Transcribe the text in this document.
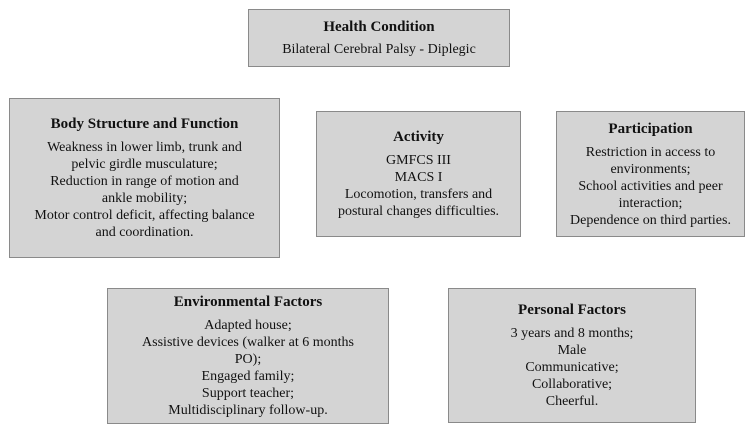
Health Condition
Bilateral Cerebral Palsy - Diplegic
Body Structure and Function
Weakness in lower limb, trunk and
pelvic girdle musculature;
Reduction in range of motion and
ankle mobility;
Motor control deficit, affecting balance
and coordination.
Activity
GMFCS III
MACS I
Locomotion, transfers and
postural changes difficulties.
Participation
Restriction in access to
environments;
School activities and peer
interaction;
Dependence on third parties.
Environmental Factors
Adapted house;
Assistive devices (walker at 6 months
PO);
Engaged family;
Support teacher;
Multidisciplinary follow-up.
Personal Factors
3 years and 8 months;
Male
Communicative;
Collaborative;
Cheerful.
